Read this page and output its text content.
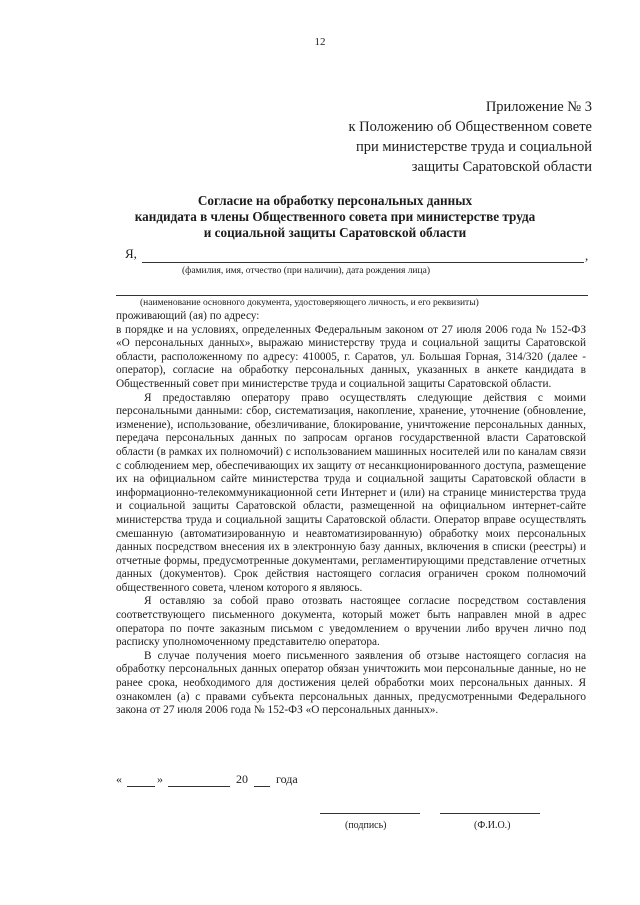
12
Приложение № 3
к Положению об Общественном совете
при министерстве труда и социальной
защиты Саратовской области
Согласие на обработку персональных данных
кандидата в члены Общественного совета при министерстве труда
и социальной защиты Саратовской области
Я,	,
(фамилия, имя, отчество (при наличии), дата рождения лица)
(наименование основного документа, удостоверяющего личность, и его реквизиты)

проживающий (ая) по адресу:

в порядке и на условиях, определенных Федеральным законом от 27 июля 2006 года № 152-ФЗ «О персональных данных», выражаю министерству труда и социальной защиты Саратовской области, расположенному по адресу: 410005, г. Саратов, ул. Большая Горная, 314/320 (далее - оператор), согласие на обработку персональных данных, указанных в анкете кандидата в Общественный совет при министерстве труда и социальной защиты Саратовской области.

Я предоставляю оператору право осуществлять следующие действия с моими персональными данными: сбор, систематизация, накопление, хранение, уточнение (обновление, изменение), использование, обезличивание, блокирование, уничтожение персональных данных, передача персональных данных по запросам органов государственной власти Саратовской области (в рамках их полномочий) с использованием машинных носителей или по каналам связи с соблюдением мер, обеспечивающих их защиту от несанкционированного доступа, размещение их на официальном сайте министерства труда и социальной защиты Саратовской области в информационно-телекоммуникационной сети Интернет и (или) на странице министерства труда и социальной защиты Саратовской области, размещенной на официальном интернет-сайте министерства труда и социальной защиты Саратовской области. Оператор вправе осуществлять смешанную (автоматизированную и неавтоматизированную) обработку моих персональных данных посредством внесения их в электронную базу данных, включения в списки (реестры) и отчетные формы, предусмотренные документами, регламентирующими представление отчетных данных (документов). Срок действия настоящего согласия ограничен сроком полномочий общественного совета, членом которого я являюсь.

Я оставляю за собой право отозвать настоящее согласие посредством составления соответствующего письменного документа, который может быть направлен мной в адрес оператора по почте заказным письмом с уведомлением о вручении либо вручен лично под расписку уполномоченному представителю оператора.

В случае получения моего письменного заявления об отзыве настоящего согласия на обработку персональных данных оператор обязан уничтожить мои персональные данные, но не ранее срока, необходимого для достижения целей обработки моих персональных данных. Я ознакомлен (а) с правами субъекта персональных данных, предусмотренными Федерального закона от 27 июля 2006 года № 152-ФЗ «О персональных данных».

«	»	20 года
(подпись)	(Ф.И.О.)
